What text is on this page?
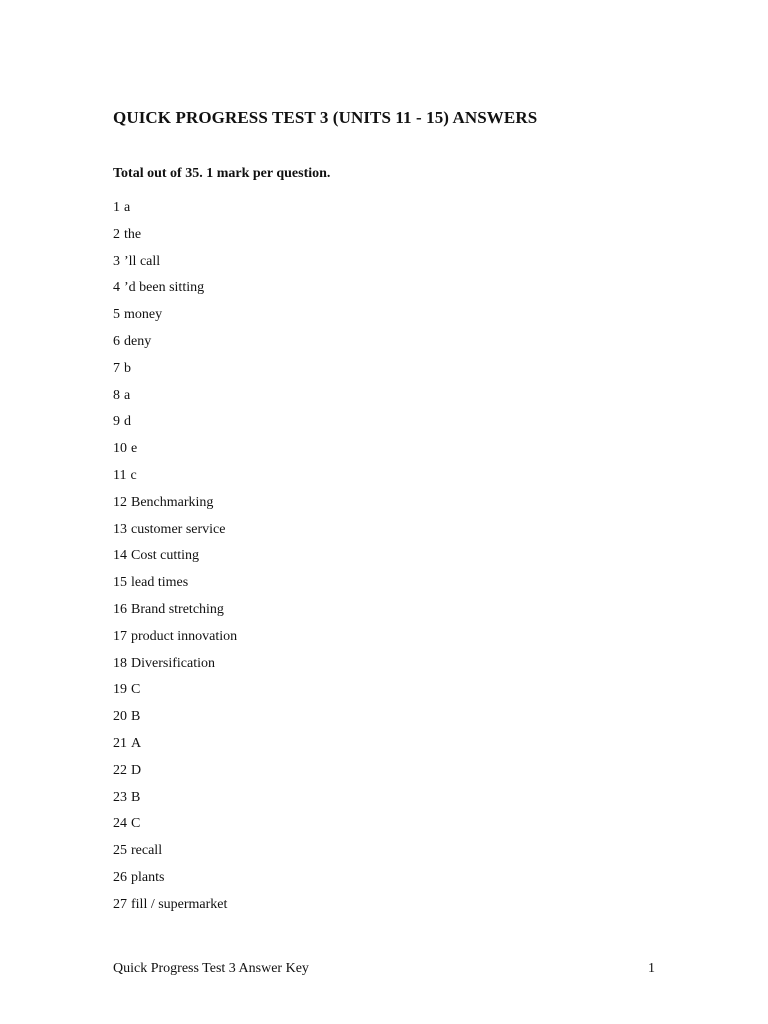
QUICK PROGRESS TEST 3 (UNITS 11 - 15) ANSWERS
Total out of 35. 1 mark per question.
1 a
2 the
3 ’ll call
4 ’d been sitting
5 money
6 deny
7 b
8 a
9 d
10 e
11 c
12 Benchmarking
13 customer service
14 Cost cutting
15 lead times
16 Brand stretching
17 product innovation
18 Diversification
19 C
20 B
21 A
22 D
23 B
24 C
25 recall
26 plants
27 fill / supermarket
Quick Progress Test 3 Answer Key	1
